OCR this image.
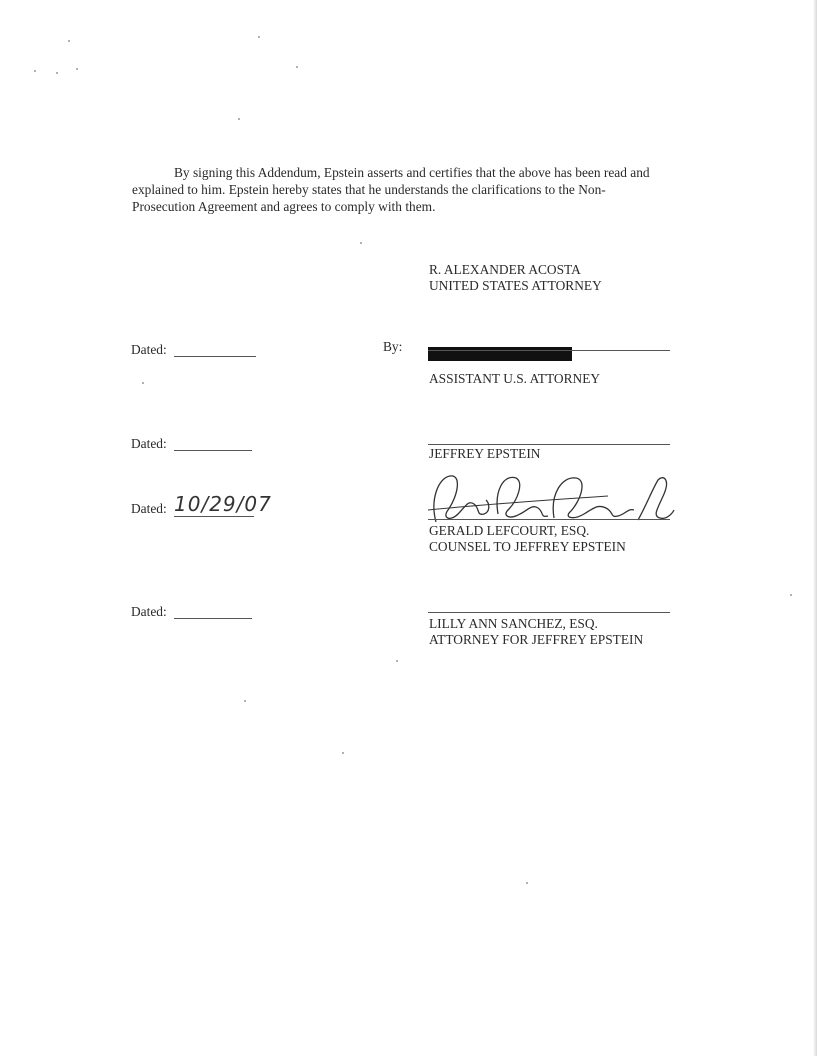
By signing this Addendum, Epstein asserts and certifies that the above has been read and
explained to him. Epstein hereby states that he understands the clarifications to the Non-
Prosecution Agreement and agrees to comply with them.
R. ALEXANDER ACOSTA
UNITED STATES ATTORNEY
Dated:	By:
ASSISTANT U.S. ATTORNEY
Dated:
JEFFREY EPSTEIN
Dated: 10/29/07
GERALD LEFCOURT, ESQ.
COUNSEL TO JEFFREY EPSTEIN
Dated:
LILLY ANN SANCHEZ, ESQ.
ATTORNEY FOR JEFFREY EPSTEIN
